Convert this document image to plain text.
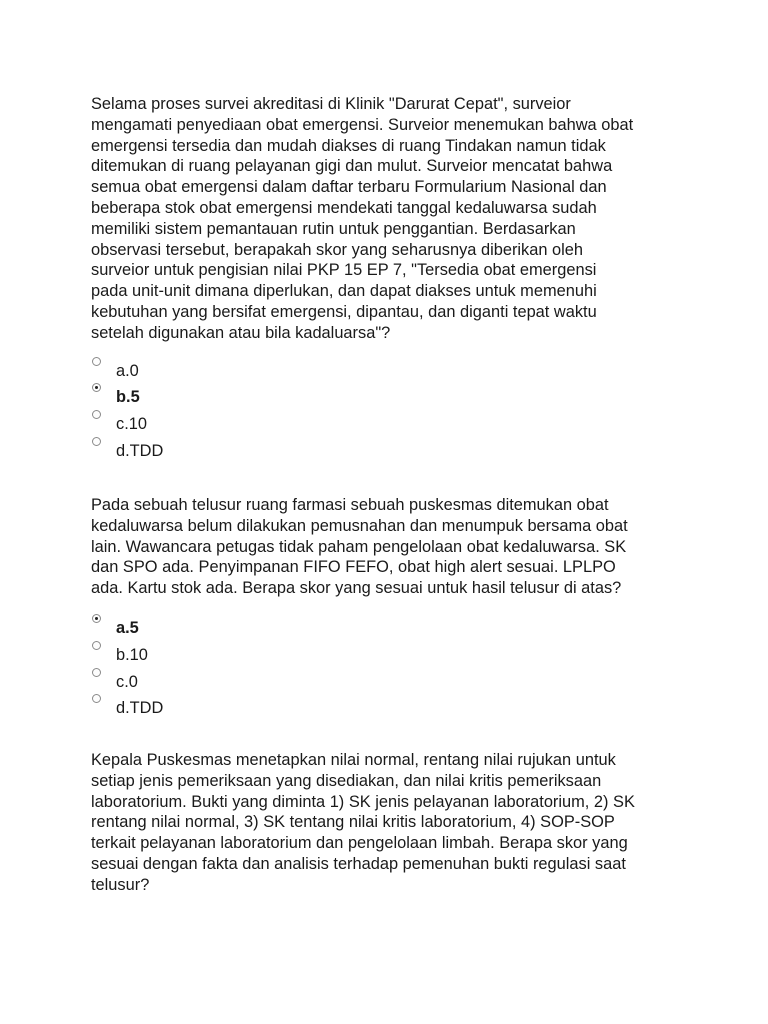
Selama proses survei akreditasi di Klinik "Darurat Cepat", surveior
mengamati penyediaan obat emergensi. Surveior menemukan bahwa obat
emergensi tersedia dan mudah diakses di ruang Tindakan namun tidak
ditemukan di ruang pelayanan gigi dan mulut. Surveior mencatat bahwa
semua obat emergensi dalam daftar terbaru Formularium Nasional dan
beberapa stok obat emergensi mendekati tanggal kedaluwarsa sudah
memiliki sistem pemantauan rutin untuk penggantian. Berdasarkan
observasi tersebut, berapakah skor yang seharusnya diberikan oleh
surveior untuk pengisian nilai PKP 15 EP 7, "Tersedia obat emergensi
pada unit-unit dimana diperlukan, dan dapat diakses untuk memenuhi
kebutuhan yang bersifat emergensi, dipantau, dan diganti tepat waktu
setelah digunakan atau bila kadaluarsa"?

a.0
b.5
c.10
d.TDD

Pada sebuah telusur ruang farmasi sebuah puskesmas ditemukan obat
kedaluwarsa belum dilakukan pemusnahan dan menumpuk bersama obat
lain. Wawancara petugas tidak paham pengelolaan obat kedaluwarsa. SK
dan SPO ada. Penyimpanan FIFO FEFO, obat high alert sesuai. LPLPO
ada. Kartu stok ada. Berapa skor yang sesuai untuk hasil telusur di atas?

a.5
b.10
c.0
d.TDD

Kepala Puskesmas menetapkan nilai normal, rentang nilai rujukan untuk
setiap jenis pemeriksaan yang disediakan, dan nilai kritis pemeriksaan
laboratorium. Bukti yang diminta 1) SK jenis pelayanan laboratorium, 2) SK
rentang nilai normal, 3) SK tentang nilai kritis laboratorium, 4) SOP-SOP
terkait pelayanan laboratorium dan pengelolaan limbah. Berapa skor yang
sesuai dengan fakta dan analisis terhadap pemenuhan bukti regulasi saat
telusur?
